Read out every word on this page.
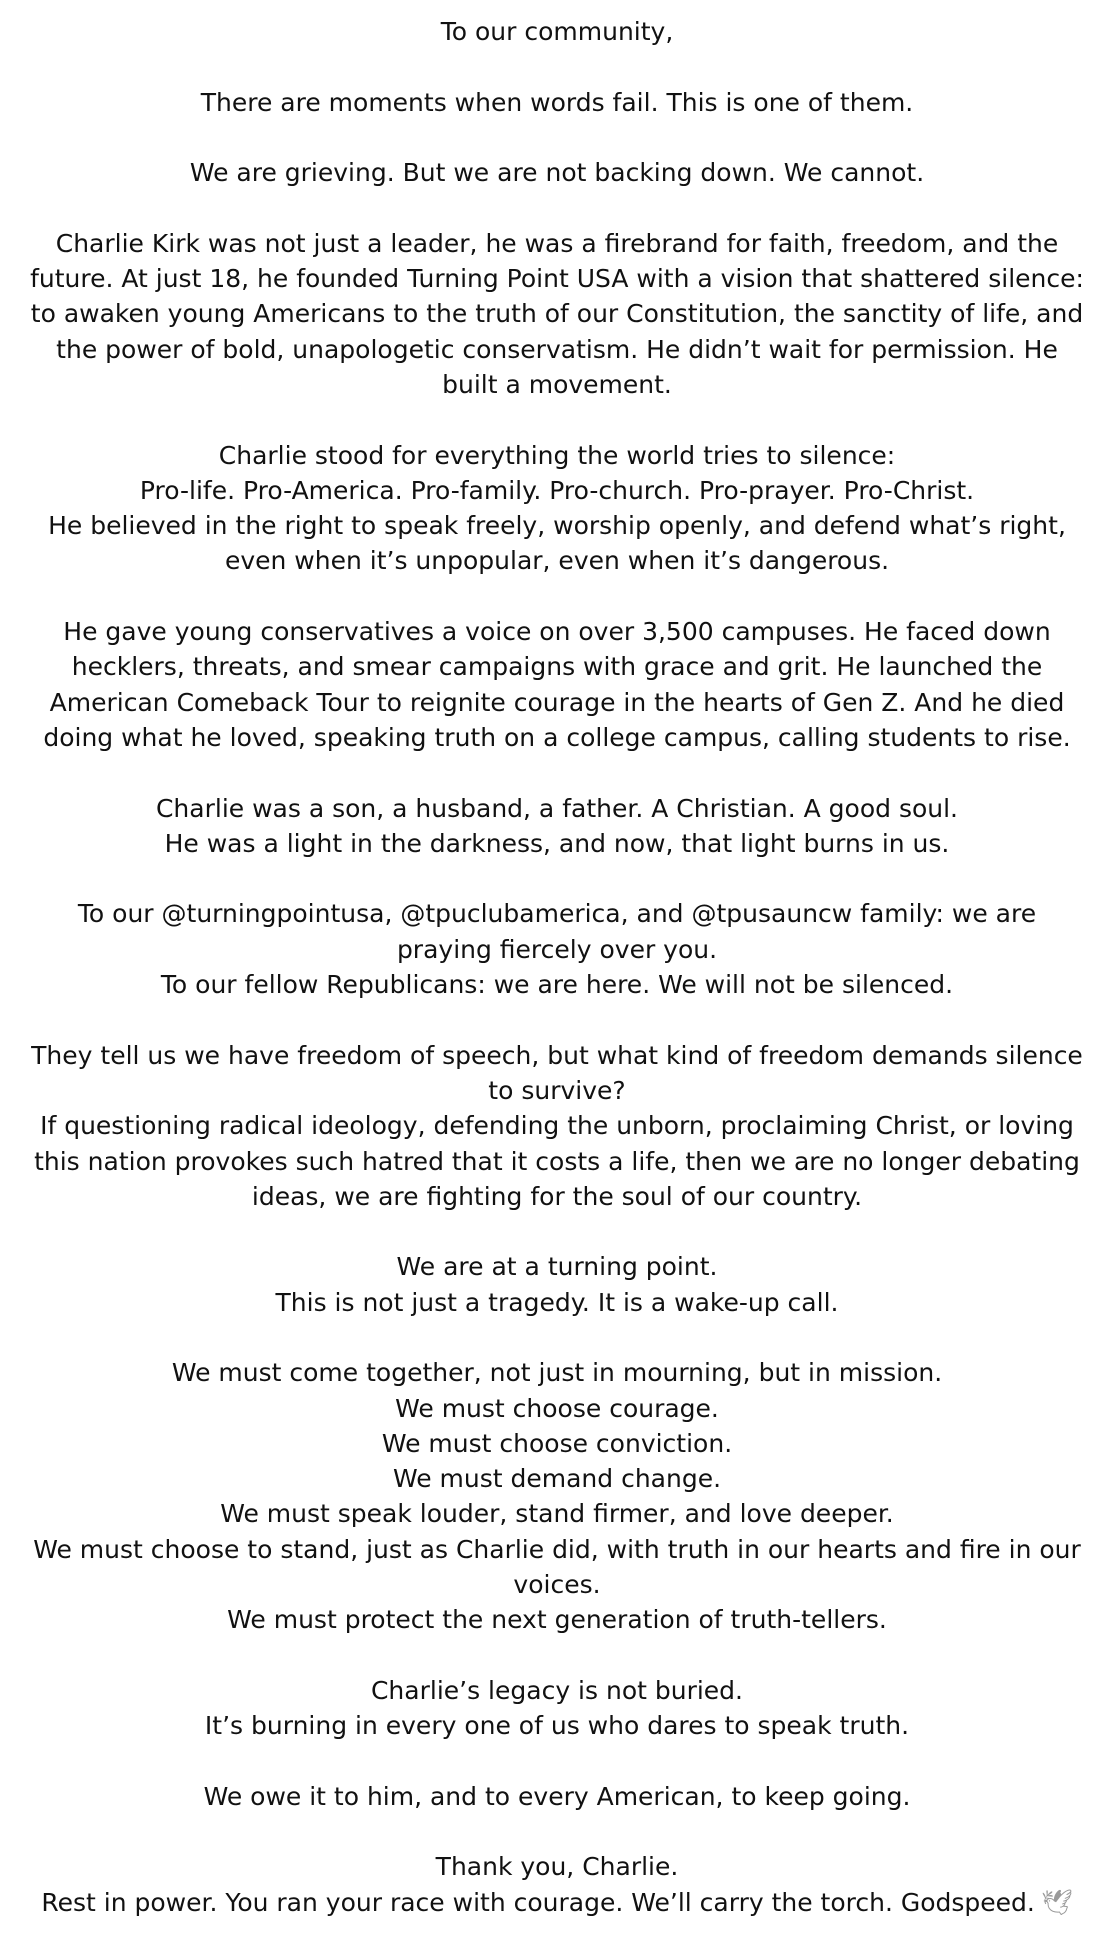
To our community,
There are moments when words fail. This is one of them.
We are grieving. But we are not backing down. We cannot.
Charlie Kirk was not just a leader, he was a firebrand for faith, freedom, and the future. At just 18, he founded Turning Point USA with a vision that shattered silence: to awaken young Americans to the truth of our Constitution, the sanctity of life, and the power of bold, unapologetic conservatism. He didn’t wait for permission. He built a movement.
Charlie stood for everything the world tries to silence:
Pro-life. Pro-America. Pro-family. Pro-church. Pro-prayer. Pro-Christ.
He believed in the right to speak freely, worship openly, and defend what’s right, even when it’s unpopular, even when it’s dangerous.
He gave young conservatives a voice on over 3,500 campuses. He faced down hecklers, threats, and smear campaigns with grace and grit. He launched the American Comeback Tour to reignite courage in the hearts of Gen Z. And he died doing what he loved, speaking truth on a college campus, calling students to rise.
Charlie was a son, a husband, a father. A Christian. A good soul.
He was a light in the darkness, and now, that light burns in us.
To our @turningpointusa, @tpuclubamerica, and @tpusauncw family: we are praying fiercely over you.
To our fellow Republicans: we are here. We will not be silenced.
They tell us we have freedom of speech, but what kind of freedom demands silence to survive?
If questioning radical ideology, defending the unborn, proclaiming Christ, or loving this nation provokes such hatred that it costs a life, then we are no longer debating ideas, we are fighting for the soul of our country.
We are at a turning point.
This is not just a tragedy. It is a wake-up call.
We must come together, not just in mourning, but in mission.
We must choose courage.
We must choose conviction.
We must demand change.
We must speak louder, stand firmer, and love deeper.
We must choose to stand, just as Charlie did, with truth in our hearts and fire in our voices.
We must protect the next generation of truth-tellers.
Charlie’s legacy is not buried.
It’s burning in every one of us who dares to speak truth.
We owe it to him, and to every American, to keep going.
Thank you, Charlie.
Rest in power. You ran your race with courage. We’ll carry the torch. Godspeed. 🕊
